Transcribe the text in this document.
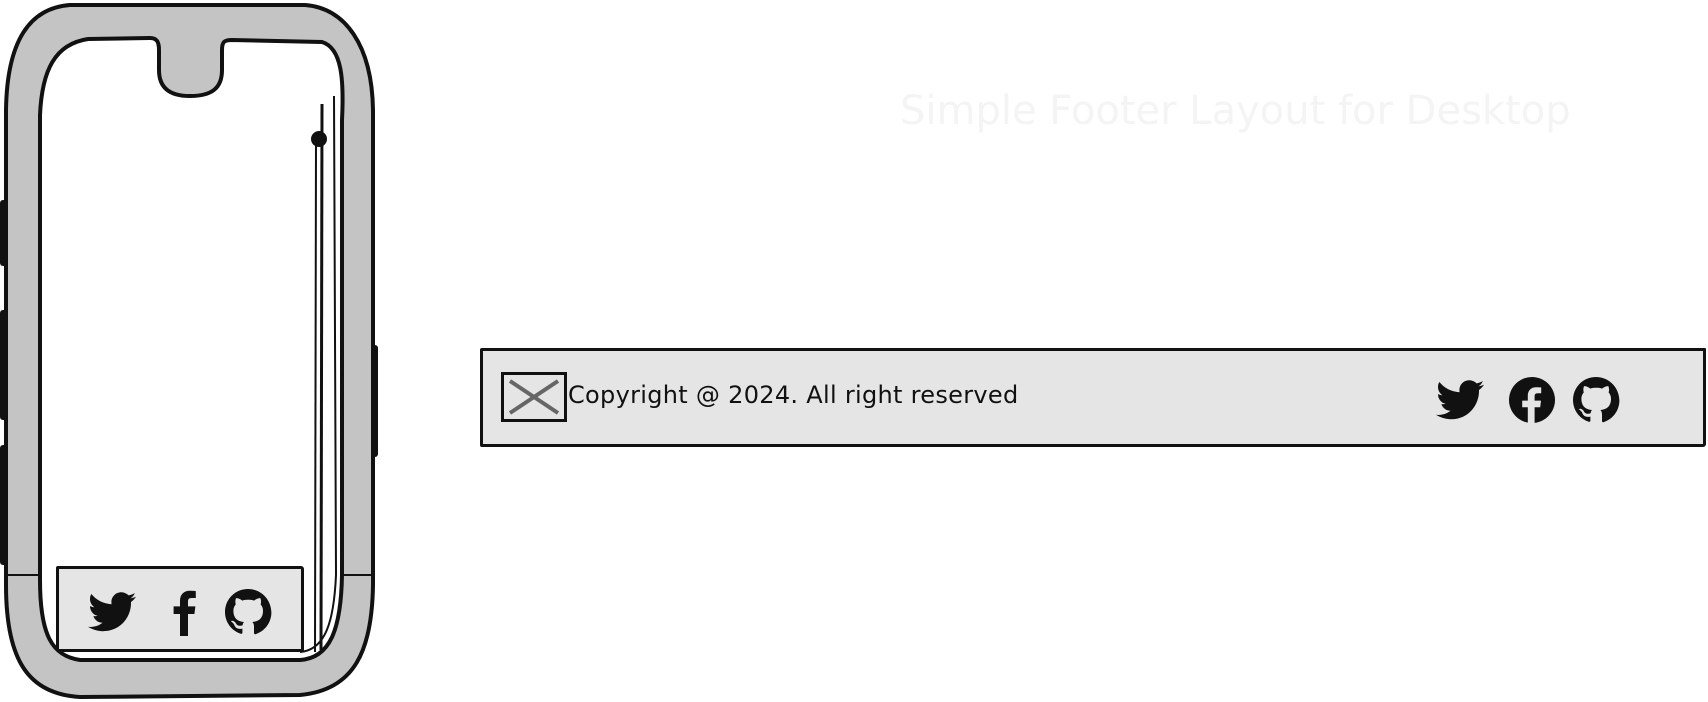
Simple Footer Layout for Desktop
Copyright @ 2024. All right reserved
